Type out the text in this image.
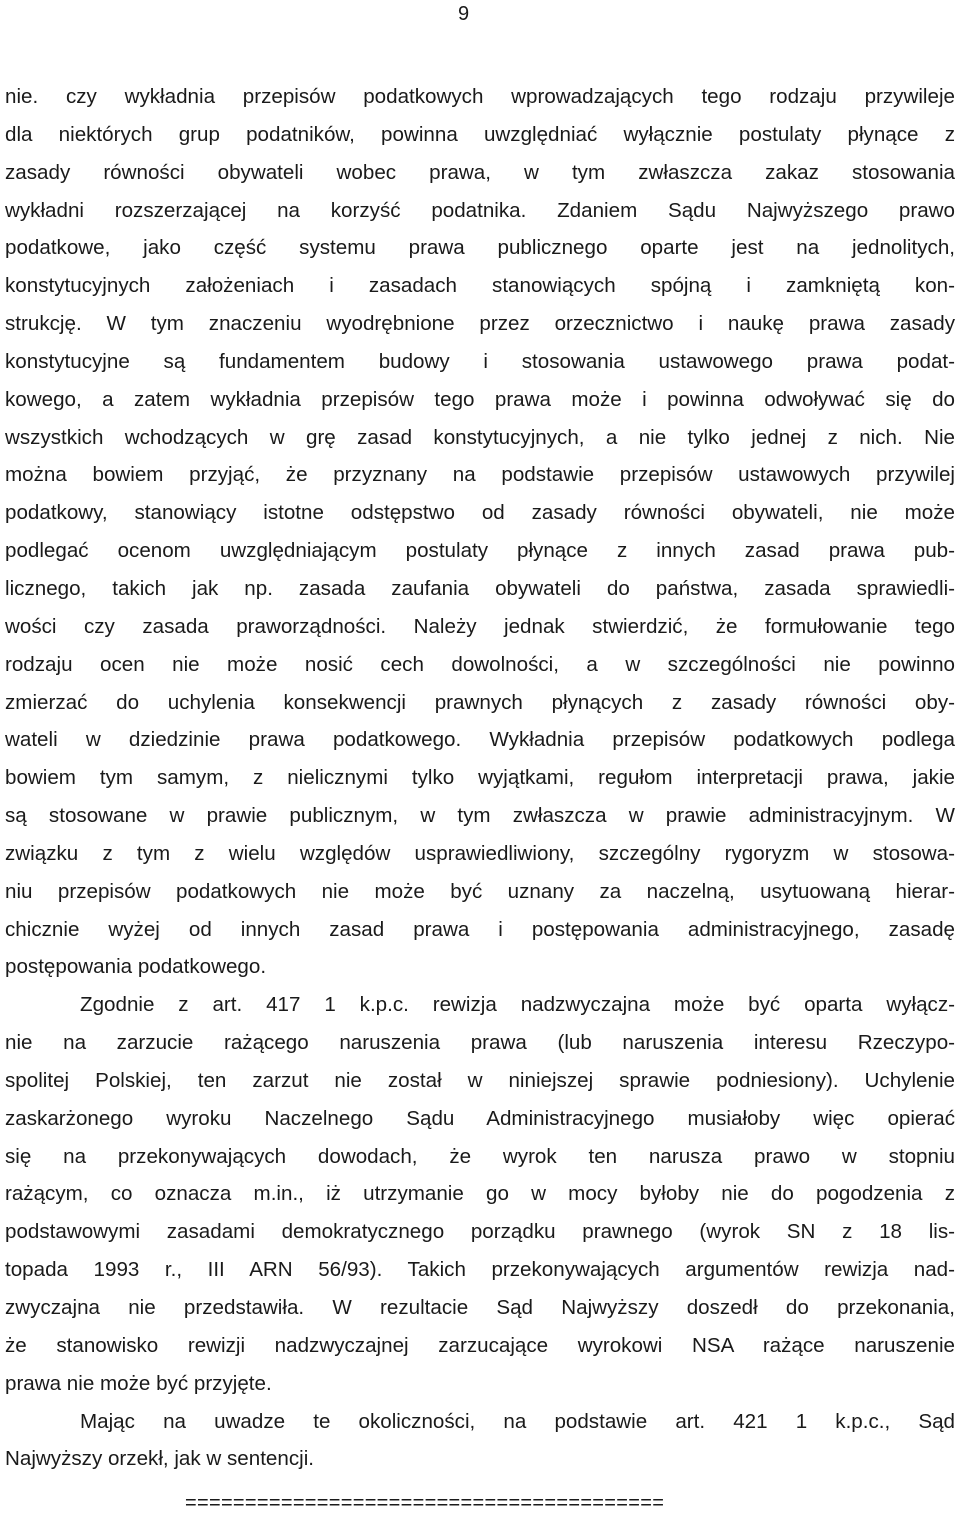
9
nie. czy wykładnia przepisów podatkowych wprowadzających tego rodzaju przywileje
dla niektórych grup podatników, powinna uwzględniać wyłącznie postulaty płynące z
zasady równości obywateli wobec prawa, w tym zwłaszcza zakaz stosowania
wykładni rozszerzającej na korzyść podatnika. Zdaniem Sądu Najwyższego prawo
podatkowe, jako część systemu prawa publicznego oparte jest na jednolitych,
konstytucyjnych założeniach i zasadach stanowiących spójną i zamkniętą kon-
strukcję. W tym znaczeniu wyodrębnione przez orzecznictwo i naukę prawa zasady
konstytucyjne są fundamentem budowy i stosowania ustawowego prawa podat-
kowego, a zatem wykładnia przepisów tego prawa może i powinna odwoływać się do
wszystkich wchodzących w grę zasad konstytucyjnych, a nie tylko jednej z nich. Nie
można bowiem przyjąć, że przyznany na podstawie przepisów ustawowych przywilej
podatkowy, stanowiący istotne odstępstwo od zasady równości obywateli, nie może
podlegać ocenom uwzględniającym postulaty płynące z innych zasad prawa pub-
licznego, takich jak np. zasada zaufania obywateli do państwa, zasada sprawiedli-
wości czy zasada praworządności. Należy jednak stwierdzić, że formułowanie tego
rodzaju ocen nie może nosić cech dowolności, a w szczególności nie powinno
zmierzać do uchylenia konsekwencji prawnych płynących z zasady równości oby-
wateli w dziedzinie prawa podatkowego. Wykładnia przepisów podatkowych podlega
bowiem tym samym, z nielicznymi tylko wyjątkami, regułom interpretacji prawa, jakie
są stosowane w prawie publicznym, w tym zwłaszcza w prawie administracyjnym. W
związku z tym z wielu względów usprawiedliwiony, szczególny rygoryzm w stosowa-
niu przepisów podatkowych nie może być uznany za naczelną, usytuowaną hierar-
chicznie wyżej od innych zasad prawa i postępowania administracyjnego, zasadę
postępowania podatkowego.
Zgodnie z art. 417 1 k.p.c. rewizja nadzwyczajna może być oparta wyłącz-
nie na zarzucie rażącego naruszenia prawa (lub naruszenia interesu Rzeczypo-
spolitej Polskiej, ten zarzut nie został w niniejszej sprawie podniesiony). Uchylenie
zaskarżonego wyroku Naczelnego Sądu Administracyjnego musiałoby więc opierać
się na przekonywających dowodach, że wyrok ten narusza prawo w stopniu
rażącym, co oznacza m.in., iż utrzymanie go w mocy byłoby nie do pogodzenia z
podstawowymi zasadami demokratycznego porządku prawnego (wyrok SN z 18 lis-
topada 1993 r., III ARN 56/93). Takich przekonywających argumentów rewizja nad-
zwyczajna nie przedstawiła. W rezultacie Sąd Najwyższy doszedł do przekonania,
że stanowisko rewizji nadzwyczajnej zarzucające wyrokowi NSA rażące naruszenie
prawa nie może być przyjęte.
Mając na uwadze te okoliczności, na podstawie art. 421 1 k.p.c., Sąd
Najwyższy orzekł, jak w sentencji.
========================================
